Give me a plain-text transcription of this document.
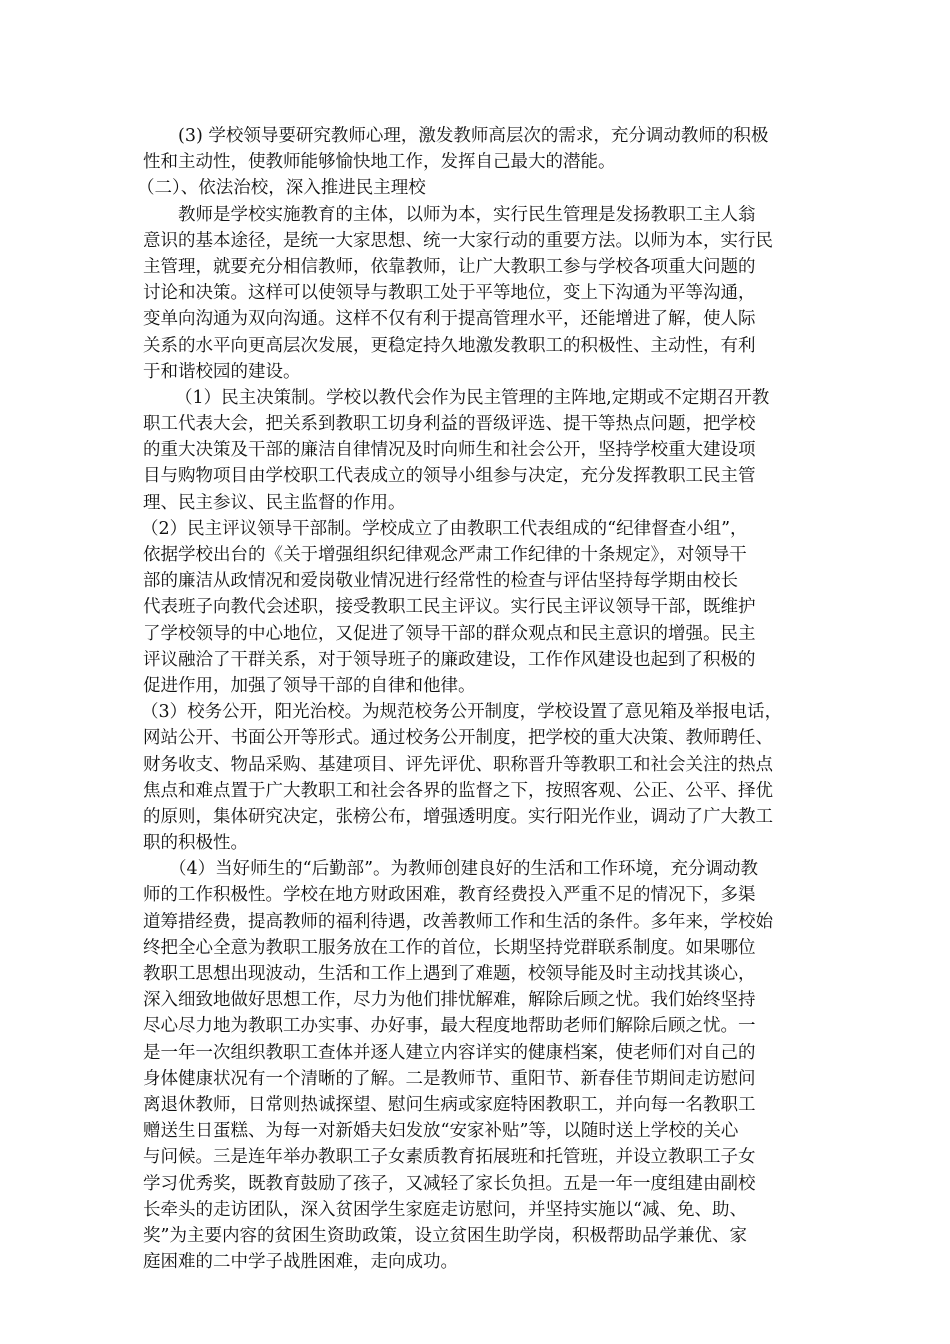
(3) 学校领导要研究教师心理，激发教师高层次的需求，充分调动教师的积极
性和主动性，使教师能够愉快地工作，发挥自己最大的潜能。
（二）、依法治校，深入推进民主理校
教师是学校实施教育的主体，以师为本，实行民生管理是发扬教职工主人翁
意识的基本途径，是统一大家思想、统一大家行动的重要方法。以师为本，实行民
主管理，就要充分相信教师，依靠教师，让广大教职工参与学校各项重大问题的
讨论和决策。这样可以使领导与教职工处于平等地位，变上下沟通为平等沟通，
变单向沟通为双向沟通。这样不仅有利于提高管理水平，还能增进了解，使人际
关系的水平向更高层次发展，更稳定持久地激发教职工的积极性、主动性，有利
于和谐校园的建设。
（1）民主决策制。学校以教代会作为民主管理的主阵地,定期或不定期召开教
职工代表大会，把关系到教职工切身利益的晋级评选、提干等热点问题，把学校
的重大决策及干部的廉洁自律情况及时向师生和社会公开，坚持学校重大建设项
目与购物项目由学校职工代表成立的领导小组参与决定，充分发挥教职工民主管
理、民主参议、民主监督的作用。
（2）民主评议领导干部制。学校成立了由教职工代表组成的“纪律督查小组”，
依据学校出台的《关于增强组织纪律观念严肃工作纪律的十条规定》，对领导干
部的廉洁从政情况和爱岗敬业情况进行经常性的检查与评估坚持每学期由校长
代表班子向教代会述职，接受教职工民主评议。实行民主评议领导干部，既维护
了学校领导的中心地位，又促进了领导干部的群众观点和民主意识的增强。民主
评议融洽了干群关系，对于领导班子的廉政建设，工作作风建设也起到了积极的
促进作用，加强了领导干部的自律和他律。
（3）校务公开，阳光治校。为规范校务公开制度，学校设置了意见箱及举报电话，
网站公开、书面公开等形式。通过校务公开制度，把学校的重大决策、教师聘任、
财务收支、物品采购、基建项目、评先评优、职称晋升等教职工和社会关注的热点
焦点和难点置于广大教职工和社会各界的监督之下，按照客观、公正、公平、择优
的原则，集体研究决定，张榜公布，增强透明度。实行阳光作业，调动了广大教工
职的积极性。
（4）当好师生的“后勤部”。为教师创建良好的生活和工作环境，充分调动教
师的工作积极性。学校在地方财政困难，教育经费投入严重不足的情况下，多渠
道筹措经费，提高教师的福利待遇，改善教师工作和生活的条件。多年来，学校始
终把全心全意为教职工服务放在工作的首位，长期坚持党群联系制度。如果哪位
教职工思想出现波动，生活和工作上遇到了难题，校领导能及时主动找其谈心，
深入细致地做好思想工作，尽力为他们排忧解难，解除后顾之忧。我们始终坚持
尽心尽力地为教职工办实事、办好事，最大程度地帮助老师们解除后顾之忧。一
是一年一次组织教职工查体并逐人建立内容详实的健康档案，使老师们对自己的
身体健康状况有一个清晰的了解。二是教师节、重阳节、新春佳节期间走访慰问
离退休教师，日常则热诚探望、慰问生病或家庭特困教职工，并向每一名教职工
赠送生日蛋糕、为每一对新婚夫妇发放“安家补贴”等，以随时送上学校的关心
与问候。三是连年举办教职工子女素质教育拓展班和托管班，并设立教职工子女
学习优秀奖，既教育鼓励了孩子，又减轻了家长负担。五是一年一度组建由副校
长牵头的走访团队，深入贫困学生家庭走访慰问，并坚持实施以“减、免、助、
奖”为主要内容的贫困生资助政策，设立贫困生助学岗，积极帮助品学兼优、家
庭困难的二中学子战胜困难，走向成功。
